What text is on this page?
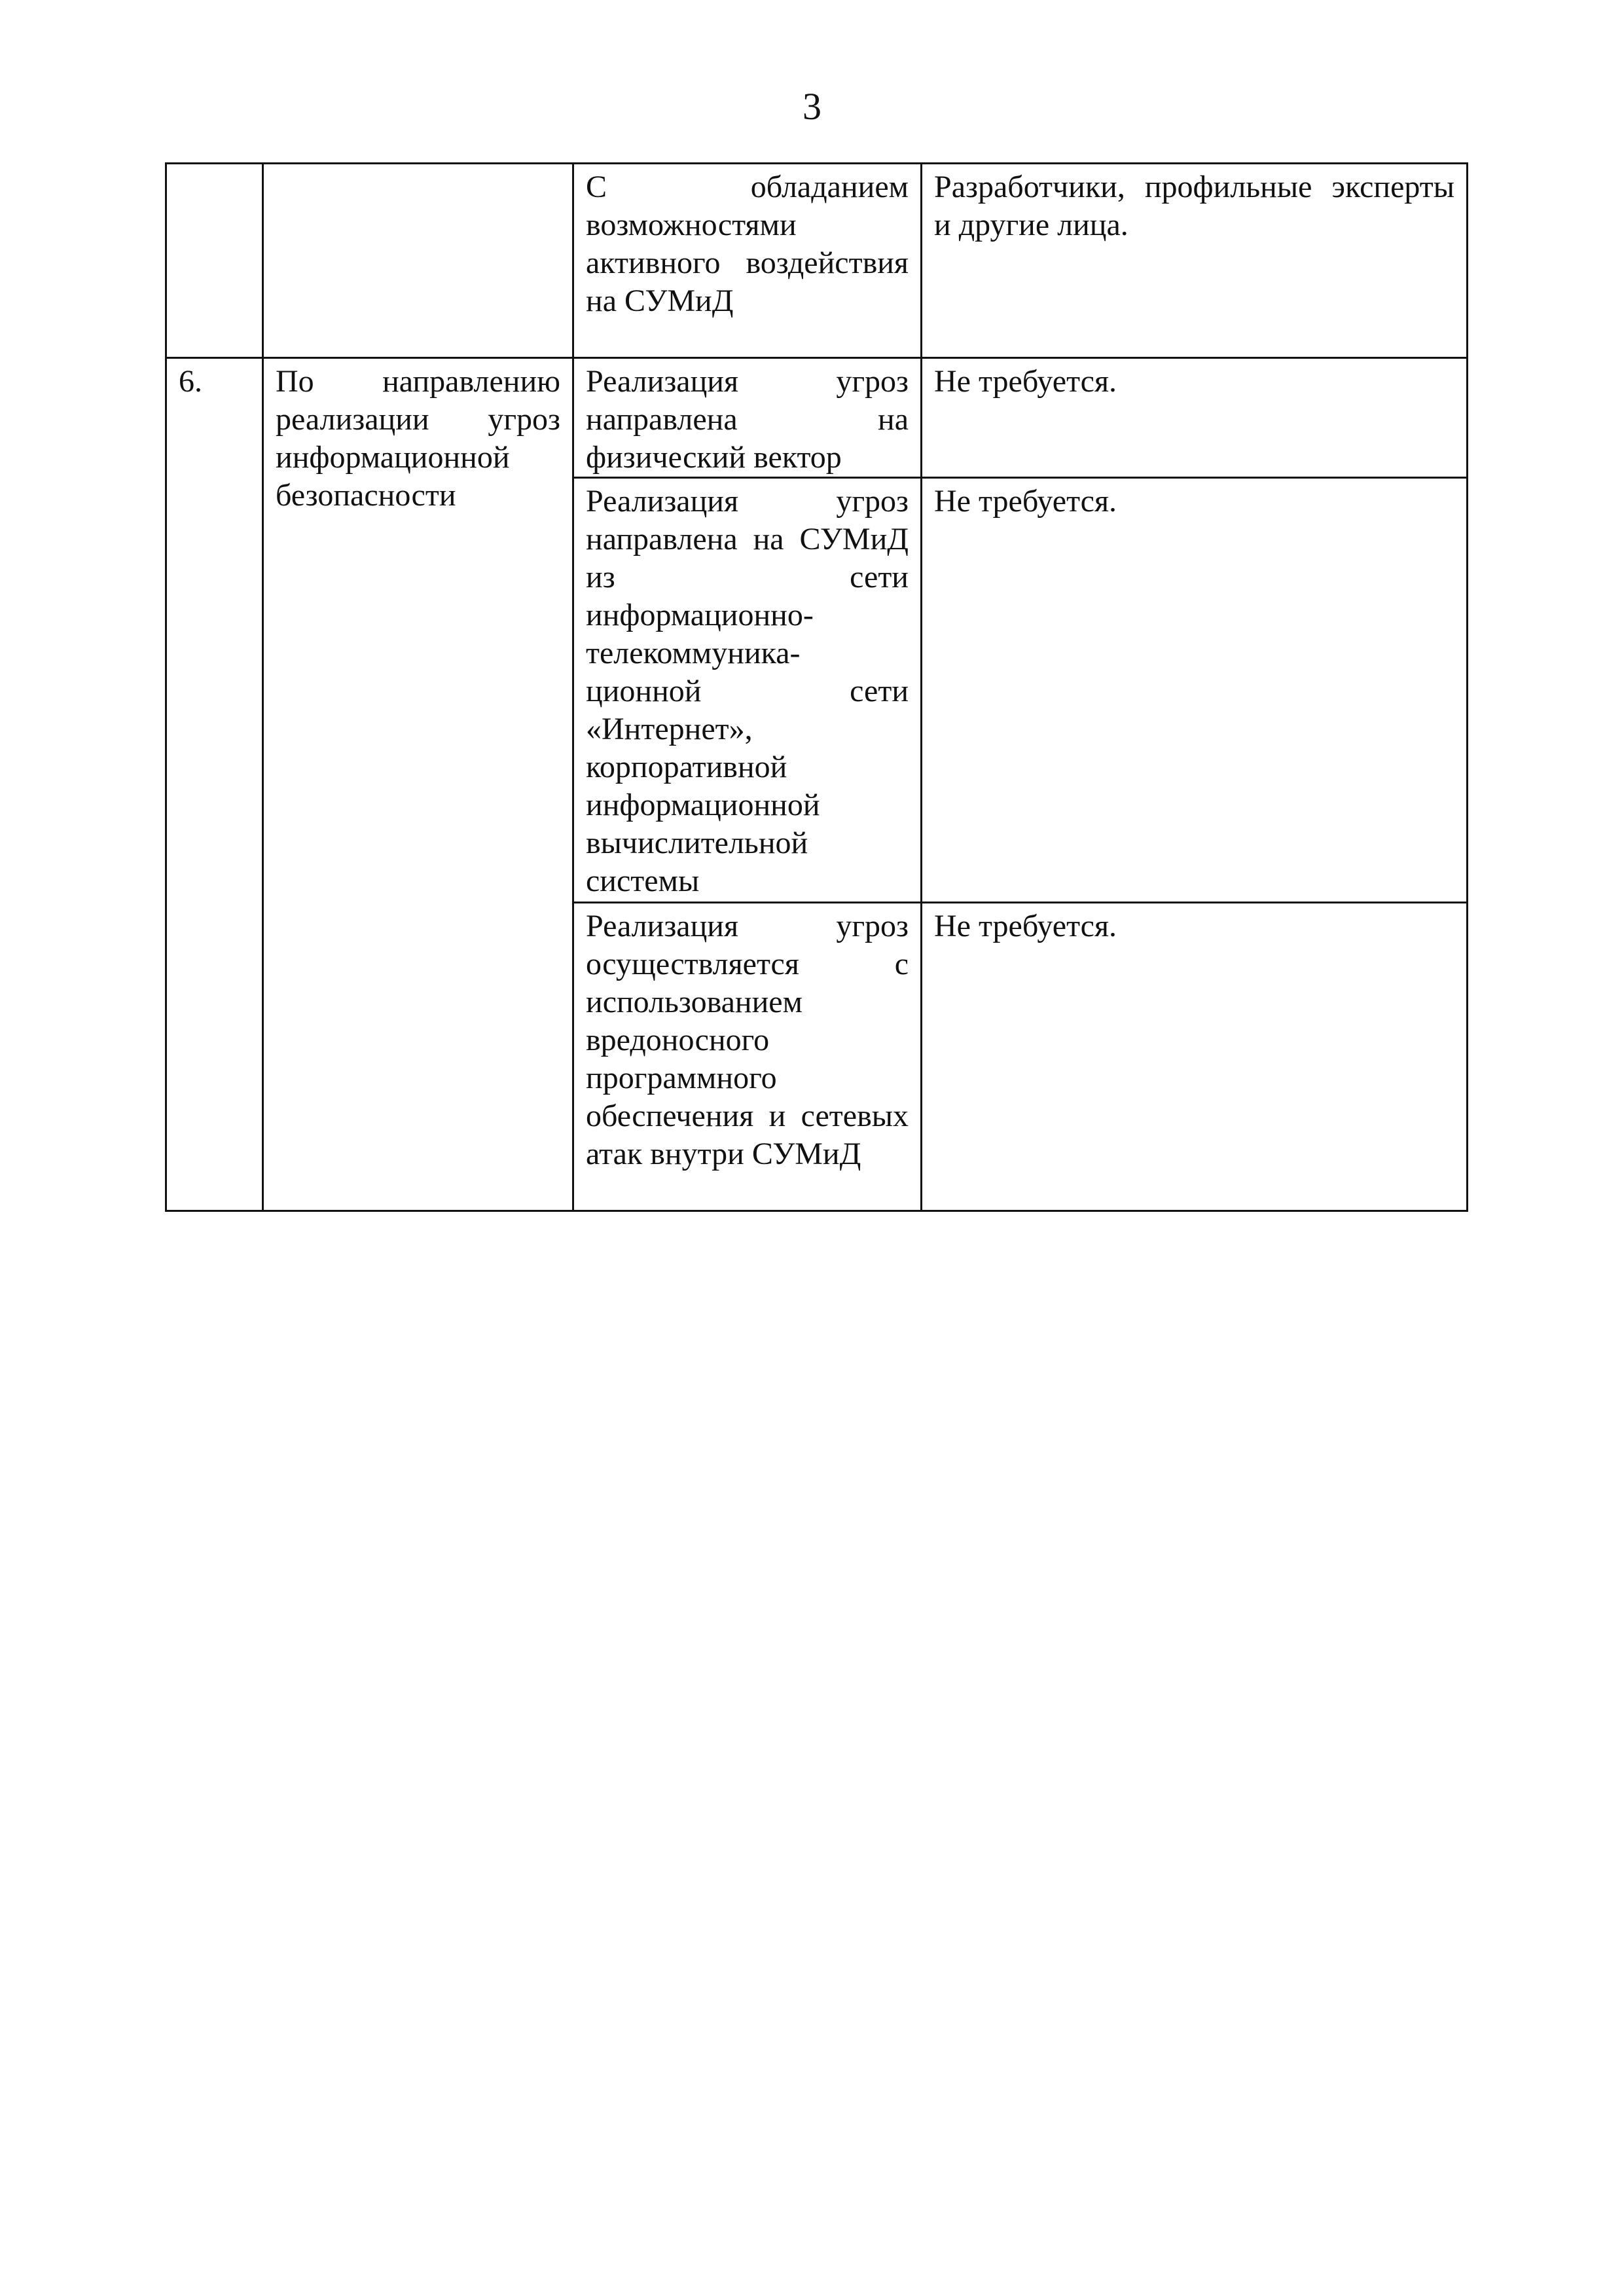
3
		С обладанием возможностями активного воздействия на СУМиД	Разработчики, профильные эксперты и другие лица.
6.	По направлению реализации угроз информационной безопасности	Реализация угроз направлена на физический вектор	Не требуется.
		Реализация угроз направлена на СУМиД из сети информационно-телекоммуника-ционной сети «Интернет», корпоративной информационной вычислительной системы	Не требуется.
		Реализация угроз осуществляется с использованием вредоносного программного обеспечения и сетевых атак внутри СУМиД	Не требуется.
